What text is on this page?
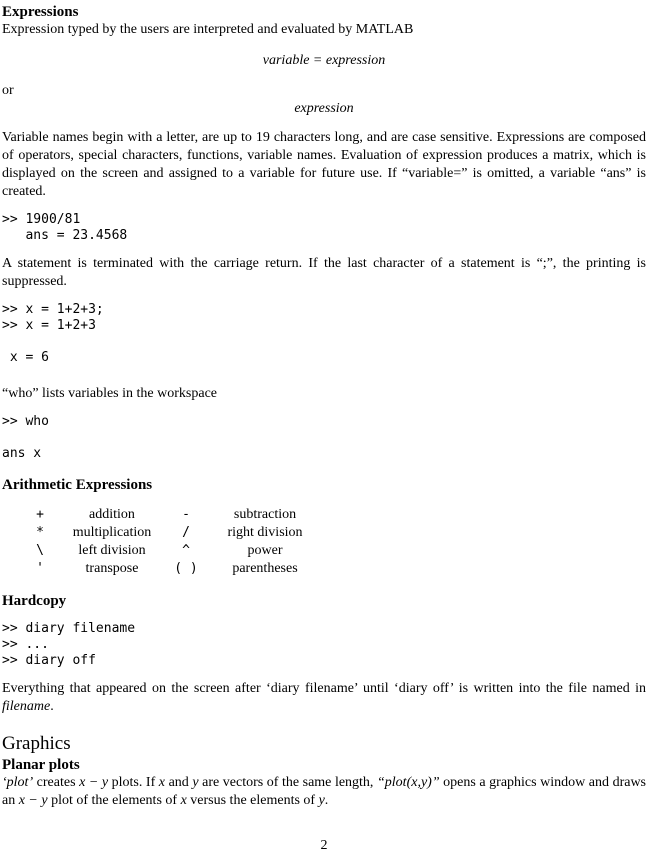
Expressions

Expression typed by the users are interpreted and evaluated by MATLAB

variable = expression

or

expression

Variable names begin with a letter, are up to 19 characters long, and are case sensitive. Expressions are composed of operators, special characters, functions, variable names. Evaluation of expression produces a matrix, which is displayed on the screen and assigned to a variable for future use. If “variable=” is omitted, a variable “ans” is created.

>> 1900/81
ans = 23.4568

A statement is terminated with the carriage return. If the last character of a statement is “;”, the printing is suppressed.

>> x = 1+2+3;
>> x = 1+2+3

x = 6

“who” lists variables in the workspace

>> who

ans x
Arithmetic Expressions
+	addition	-	subtraction
*	multiplication	/	right division
\	left division	^	power
'	transpose	( )	parentheses
Hardcopy
>> diary filename
>> ...
>> diary off

Everything that appeared on the screen after ‘diary filename’ until ‘diary off’ is written into the file named in filename.

Graphics
Planar plots

‘plot’ creates x − y plots. If x and y are vectors of the same length, “plot(x,y)” opens a graphics window and draws an x − y plot of the elements of x versus the elements of y.

2
